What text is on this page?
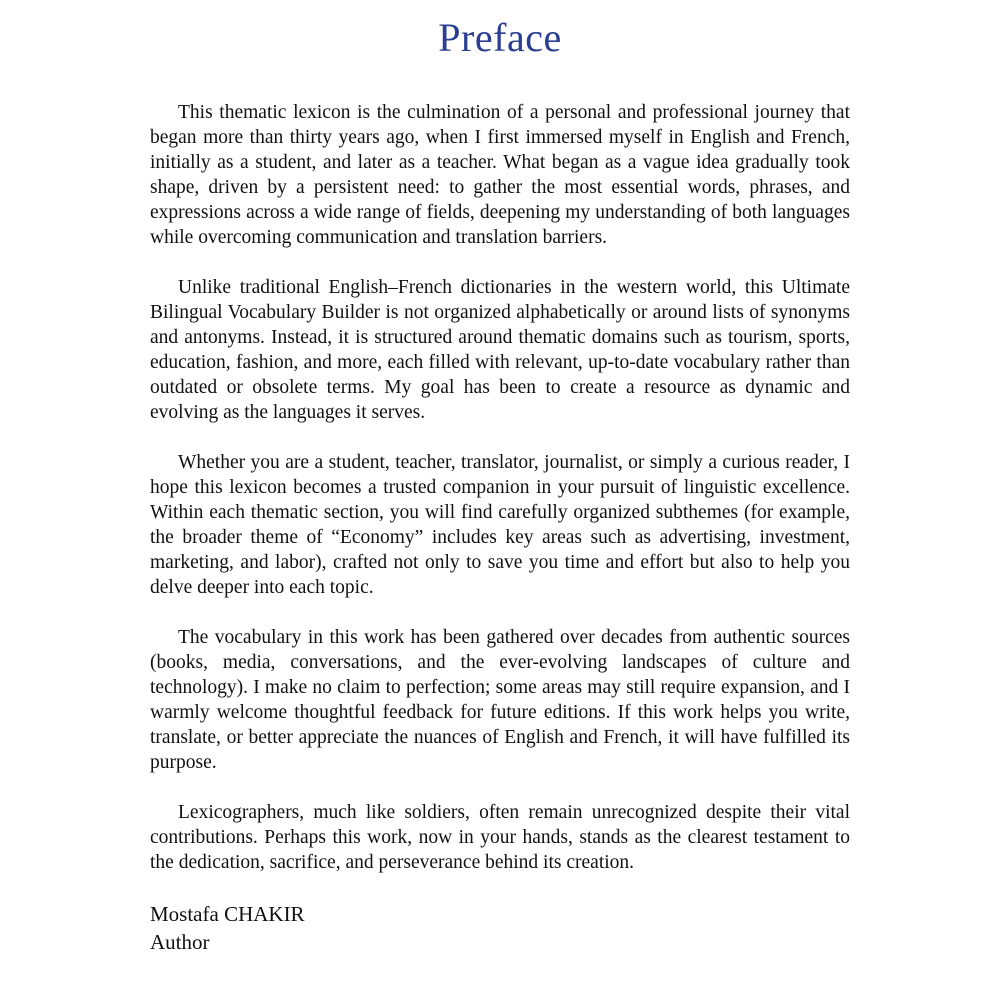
Preface

This thematic lexicon is the culmination of a personal and professional journey that began more than thirty years ago, when I first immersed myself in English and French, initially as a student, and later as a teacher. What began as a vague idea gradually took shape, driven by a persistent need: to gather the most essential words, phrases, and expressions across a wide range of fields, deepening my understanding of both languages while overcoming communication and translation barriers.

Unlike traditional English–French dictionaries in the western world, this Ultimate Bilingual Vocabulary Builder is not organized alphabetically or around lists of synonyms and antonyms. Instead, it is structured around thematic domains such as tourism, sports, education, fashion, and more, each filled with relevant, up-to-date vocabulary rather than outdated or obsolete terms. My goal has been to create a resource as dynamic and evolving as the languages it serves.

Whether you are a student, teacher, translator, journalist, or simply a curious reader, I hope this lexicon becomes a trusted companion in your pursuit of linguistic excellence. Within each thematic section, you will find carefully organized subthemes (for example, the broader theme of “Economy” includes key areas such as advertising, investment, marketing, and labor), crafted not only to save you time and effort but also to help you delve deeper into each topic.

The vocabulary in this work has been gathered over decades from authentic sources (books, media, conversations, and the ever-evolving landscapes of culture and technology). I make no claim to perfection; some areas may still require expansion, and I warmly welcome thoughtful feedback for future editions. If this work helps you write, translate, or better appreciate the nuances of English and French, it will have fulfilled its purpose.

Lexicographers, much like soldiers, often remain unrecognized despite their vital contributions. Perhaps this work, now in your hands, stands as the clearest testament to the dedication, sacrifice, and perseverance behind its creation.

Mostafa CHAKIR
Author
